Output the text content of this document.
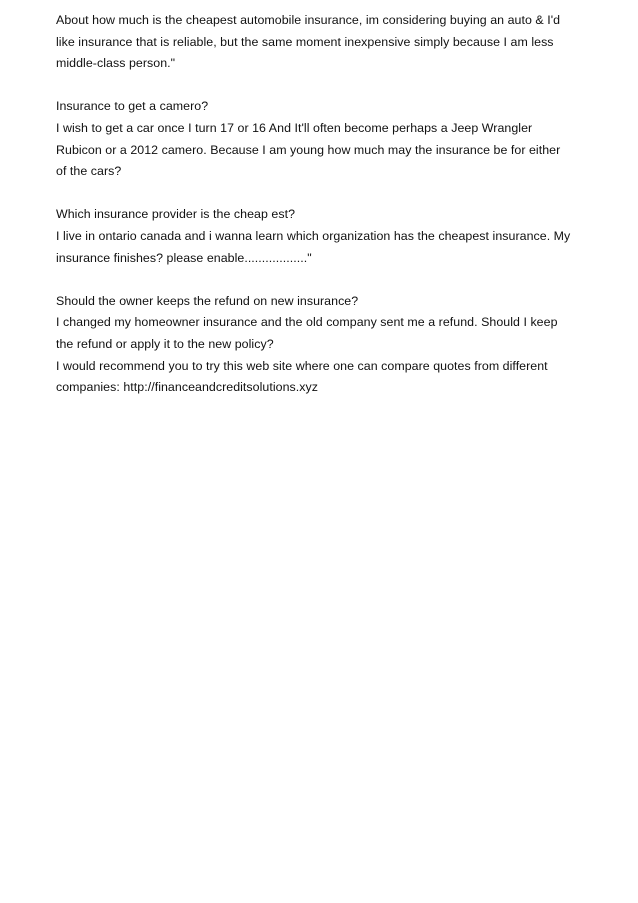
About how much is the cheapest automobile insurance, im considering buying an auto & I'd
like insurance that is reliable, but the same moment inexpensive simply because I am less
middle-class person."

Insurance to get a camero?
I wish to get a car once I turn 17 or 16 And It'll often become perhaps a Jeep Wrangler
Rubicon or a 2012 camero. Because I am young how much may the insurance be for either
of the cars?

Which insurance provider is the cheap est?
I live in ontario canada and i wanna learn which organization has the cheapest insurance. My
insurance finishes? please enable.................."

Should the owner keeps the refund on new insurance?
I changed my homeowner insurance and the old company sent me a refund. Should I keep
the refund or apply it to the new policy?
I would recommend you to try this web site where one can compare quotes from different
companies: http://financeandcreditsolutions.xyz
